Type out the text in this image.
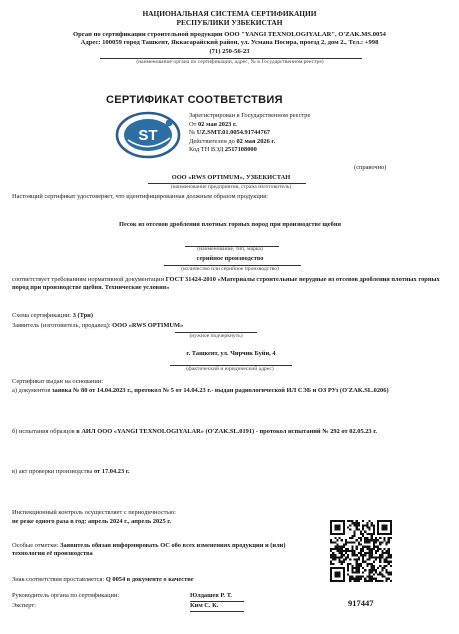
НАЦИОНАЛЬНАЯ СИСТЕМА СЕРТИФИКАЦИИ
РЕСПУБЛИКИ УЗБЕКИСТАН
Орган по сертификации строительной продукции ООО "YANGI TEXNOLOGIYALAR", O'ZAK.MS.0054
Адрес: 100059 город Ташкент, Яккасарайский район, ул. Усмана Носира, проезд 2, дом 2., Тел.: +998
(71) 250-56-23
(наименование органа по сертификации, адрес, № в Государственном реестре)
СЕРТИФИКАТ СООТВЕТСТВИЯ
ST
Зарегистрирован в Государственном реестре
От 02 мая 2023 г.
№ UZ.SMT.01.0054.91744767
Действителен до 02 мая 2026 г.
Код ТН ВЭД 2517108000
(справочно)
ООО «RWS OPTIMUM», УЗБЕКИСТАН
(наименование предприятия, страна изготовитель)
Настоящий сертификат удостоверяет, что идентифицированная должным образом продукция:
Песок из отсевов дробления плотных горных пород при производстве щебня
(наименование, тип, марка)
серийное производство
(количество или серийное производство)
соответствует требованиям нормативной документации ГОСТ 31424-2010 «Материалы строительные нерудные из отсевов дробления плотных горных пород при производстве щебня. Технические условия»
Схема сертификации: 3 (Три)
Заявитель (изготовитель, продавец): ООО «RWS OPTIMUM»
(нужное подчеркнуть)
г. Ташкент, ул. Чирчик Буйи, 4
(фактический и юридический адрес)
Сертификат выдан на основании:
а) документов заявка № 80 от 14.04.2023 г., протокол № 5 от 14.04.23 г.- выдан радиологической ИЛ СЭБ и ОЗ РУз (O'ZAK.SL.0206)
б) испытания образцов в АИЛ ООО «YANGI TEXNOLOGIYALAR» (O'ZAK.SL.0191) - протокол испытаний № 292 от 02.05.23 г.
в) акт проверки производства от 17.04.23 г.
Инспекционный контроль осуществляет с периодичностью:
не реже одного раза в год: апрель 2024 г., апрель 2025 г.
Особые отметки: Заявитель обязан информировать ОС обо всех изменениях продукции и (или) технологии её производства
Знак соответствия проставляется: Q 0054 в документе о качестве
Руководитель органа по сертификации:	Юлдашев Р. Т.
Эксперт:	Ким С. К.	917447
